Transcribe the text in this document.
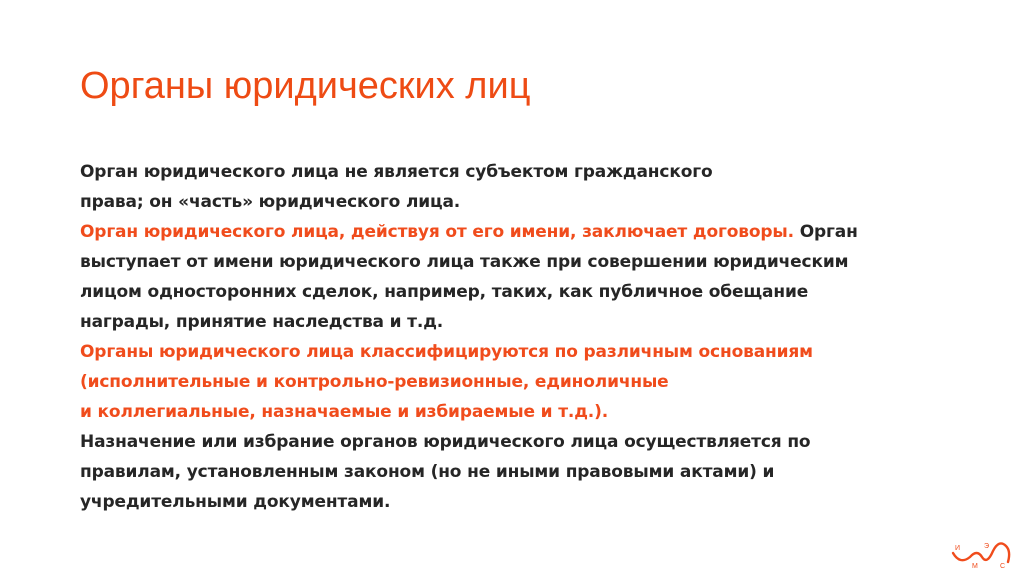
Органы юридических лиц
Орган юридического лица не является субъектом гражданского
права; он «часть» юридического лица.
Орган юридического лица, действуя от его имени, заключает договоры. Орган
выступает от имени юридического лица также при совершении юридическим
лицом односторонних сделок, например, таких, как публичное обещание
награды, принятие наследства и т.д.
Органы юридического лица классифицируются по различным основаниям
(исполнительные и контрольно-ревизионные, единоличные
и коллегиальные, назначаемые и избираемые и т.д.).
Назначение или избрание органов юридического лица осуществляется по
правилам, установленным законом (но не иными правовыми актами) и
учредительными документами.
И
М
Э
С
